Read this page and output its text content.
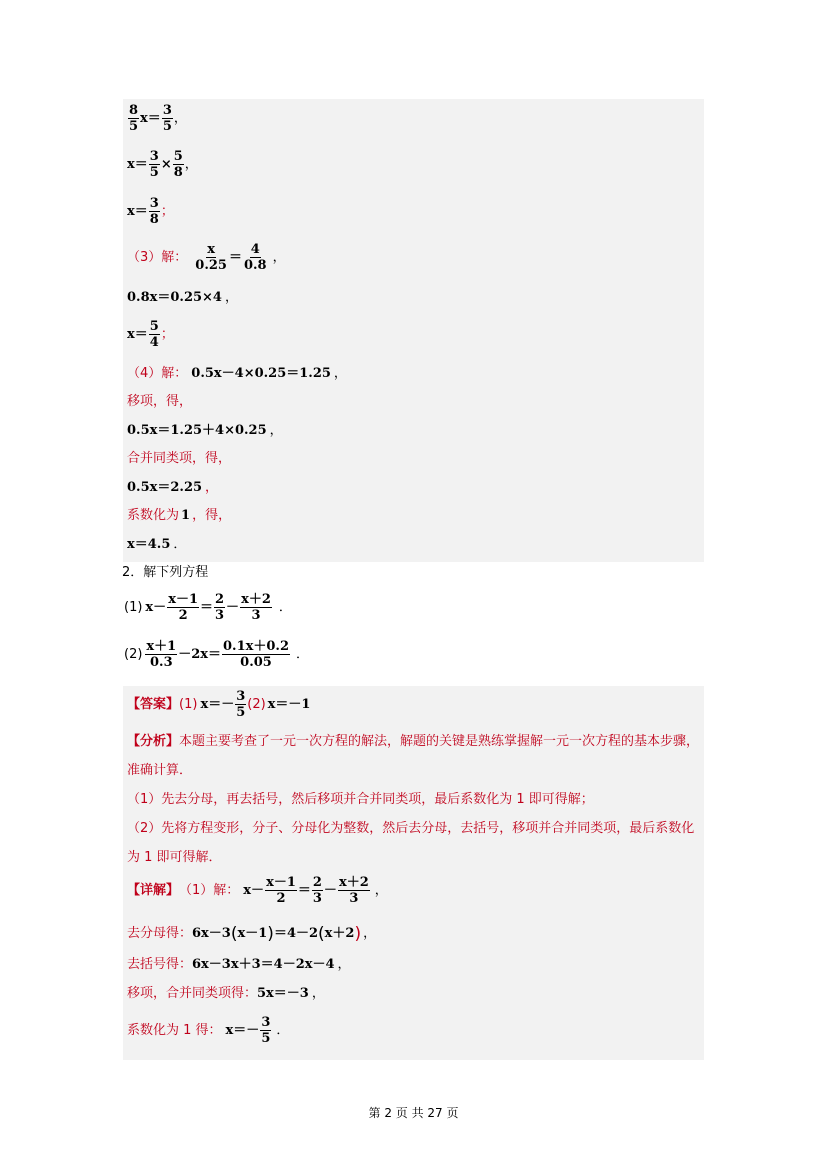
$\frac{8}{5} x= \frac{3}{5}$ ，
$x= \frac{3}{5} \times \frac{5}{8}$ ，
$x= \frac{3}{8}$ ；
（3）解： $\frac{x}{0.25} = \frac{4}{0.8}$ ，
0.8x＝0.25×4 ，
$x= \frac{5}{4}$ ；
（4）解： 0.5x－4×0.25＝1.25 ，
移项，得，
0.5x＝1.25＋4×0.25 ，
合并同类项，得，
0.5x＝2.25 ，
系数化为 1 ，得，
x＝4.5 ．
2．解下列方程
(1) $x- \frac{x-1}{2} = \frac{2}{3} - \frac{x+2}{3}$ ．
$(2) \frac{x+1}{0.3} -2x= \frac{0.1x+0.2}{0.05}$ ．
【答案】 (1) $x=- \frac{3}{5} (2)$ x＝－1
【分析】本题主要考查了一元一次方程的解法，解题的关键是熟练掌握解一元一次方程的基本步骤，准确计算．
（1）先去分母，再去括号，然后移项并合并同类项，最后系数化为 1 即可得解；
（2）先将方程变形，分子、分母化为整数，然后去分母，去括号，移项并合并同类项，最后系数化为 1 即可得解．
【详解】 （1）解： $x- \frac{x-1}{2} = \frac{2}{3} - \frac{x+2}{3}$ ，
去分母得： 6x－3 ( x－1 ) ＝4－2 ( x＋2 ) ，
去括号得： 6x－3x＋3＝4－2x－4 ，
移项，合并同类项得： 5x＝－3 ，
系数化为 1 得： $x=- \frac{3}{5}$ ．
第 2 页 共 27 页
